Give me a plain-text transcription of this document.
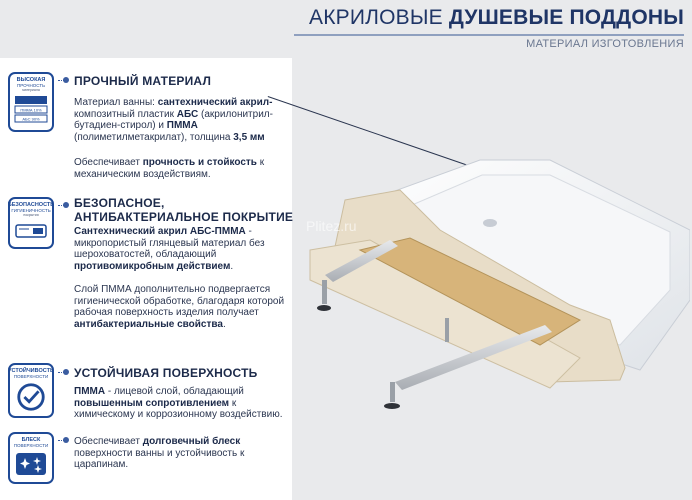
АКРИЛОВЫЕ ДУШЕВЫЕ ПОДДОНЫ
МАТЕРИАЛ ИЗГОТОВЛЕНИЯ
ВЫСОКАЯ
ПРОЧНОСТЬ
материала
ПММА 10%
АБС 90%
ПРОЧНЫЙ МАТЕРИАЛ
Материал ванны: сантехнический акрил-композитный пластик АБС (акрилонитрил-бутадиен-стирол) и ПММА (полиметилметакрилат), толщина 3,5 мм
Обеспечивает прочность и стойкость к механическим воздействиям.
БЕЗОПАСНОСТЬ
ГИГИЕНИЧНОСТЬ
покрытия
БЕЗОПАСНОЕ,
АНТИБАКТЕРИАЛЬНОЕ ПОКРЫТИЕ
Сантехнический акрил АБС-ПММА - микропористый глянцевый материал без шероховатостей, обладающий противомикробным действием.
Слой ПММА дополнительно подвергается гигиенической обработке, благодаря которой рабочая поверхность изделия получает антибактериальные свойства.
УСТОЙЧИВОСТЬ
ПОВЕРХНОСТИ
БЛЕСК
ПОВЕРХНОСТИ
УСТОЙЧИВАЯ ПОВЕРХНОСТЬ
ПММА - лицевой слой, обладающий повышенным сопротивлением к химическому и коррозионному воздействию.
Обеспечивает долговечный блеск поверхности ванны и устойчивость к царапинам.
Plitez.ru
